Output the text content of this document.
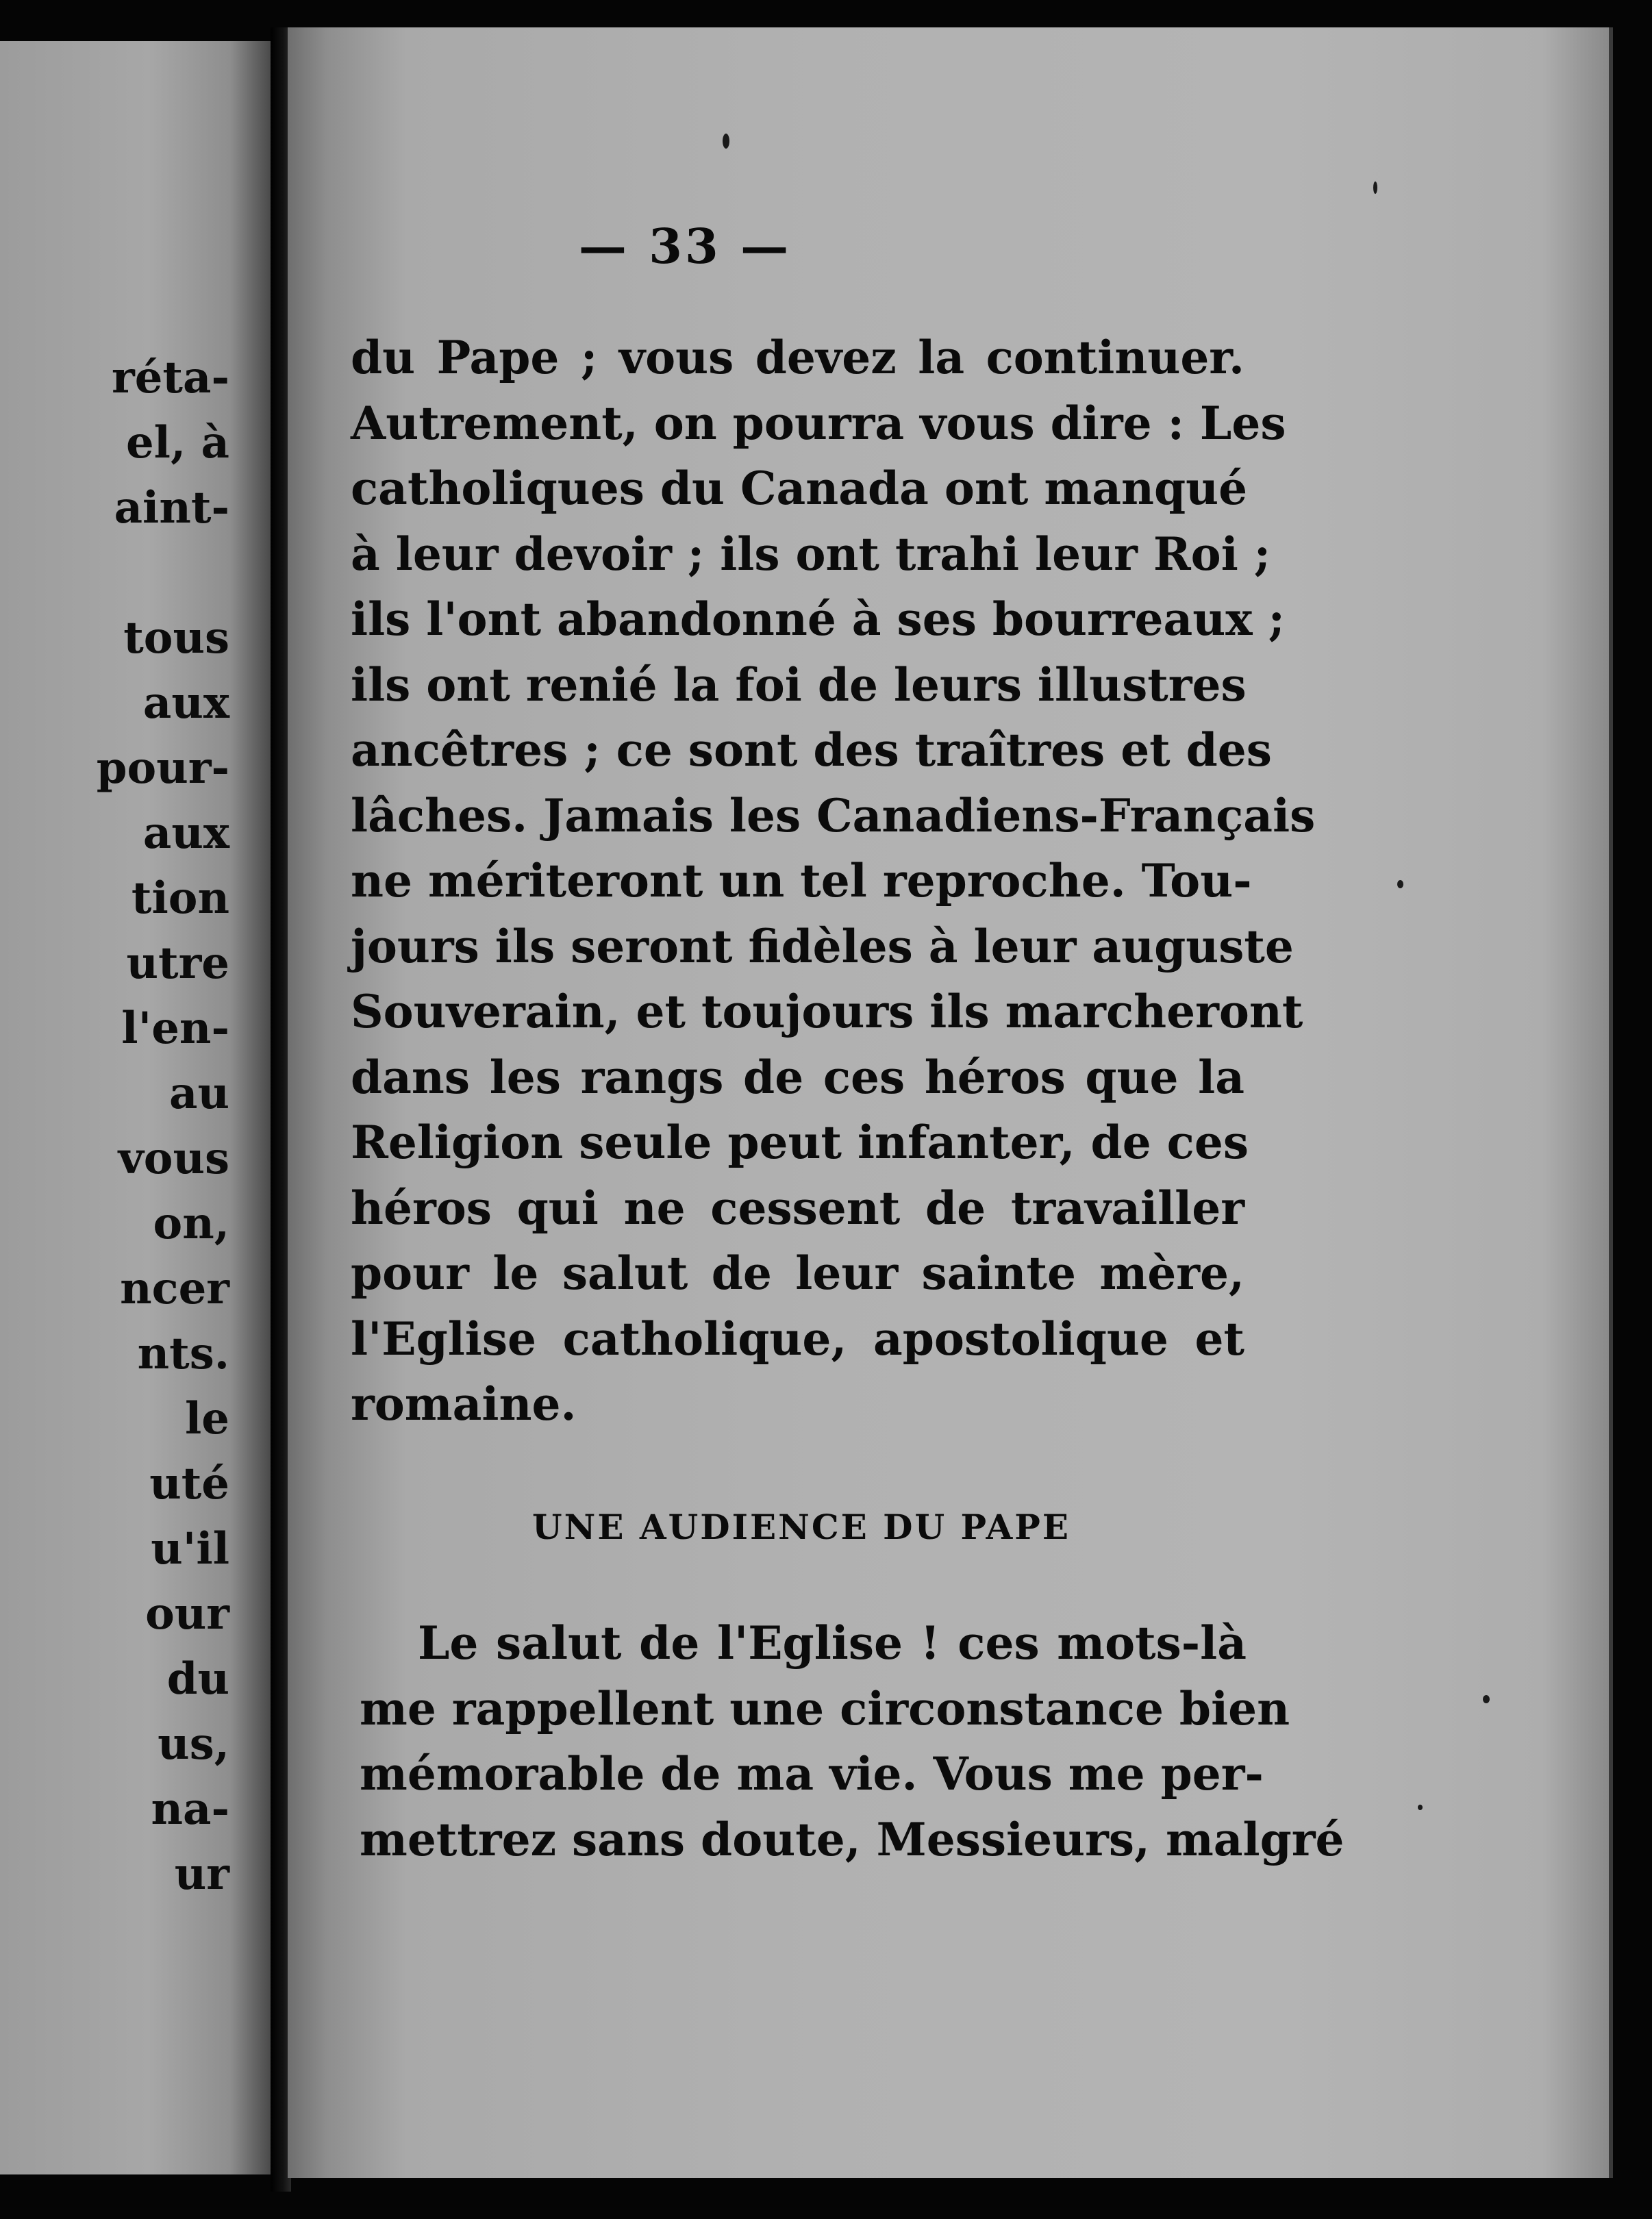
réta-
el, à
aint-
tous
aux
pour-
aux
tion
utre
l'en-
au
vous
on,
ncer
nts.
le
uté
u'il
our
du
us,
na-
ur
— 33 —
du Pape ; vous devez la continuer.
Autrement, on pourra vous dire : Les
catholiques du Canada ont manqué
à leur devoir ; ils ont trahi leur Roi ;
ils l'ont abandonné à ses bourreaux ;
ils ont renié la foi de leurs illustres
ancêtres ; ce sont des traîtres et des
lâches. Jamais les Canadiens-Français
ne mériteront un tel reproche. Tou-
jours ils seront fidèles à leur auguste
Souverain, et toujours ils marcheront
dans les rangs de ces héros que la
Religion seule peut infanter, de ces
héros qui ne cessent de travailler
pour le salut de leur sainte mère,
l'Eglise catholique, apostolique et
romaine.
UNE AUDIENCE DU PAPE
Le salut de l'Eglise ! ces mots-là
me rappellent une circonstance bien
mémorable de ma vie. Vous me per-
mettrez sans doute, Messieurs, malgré
